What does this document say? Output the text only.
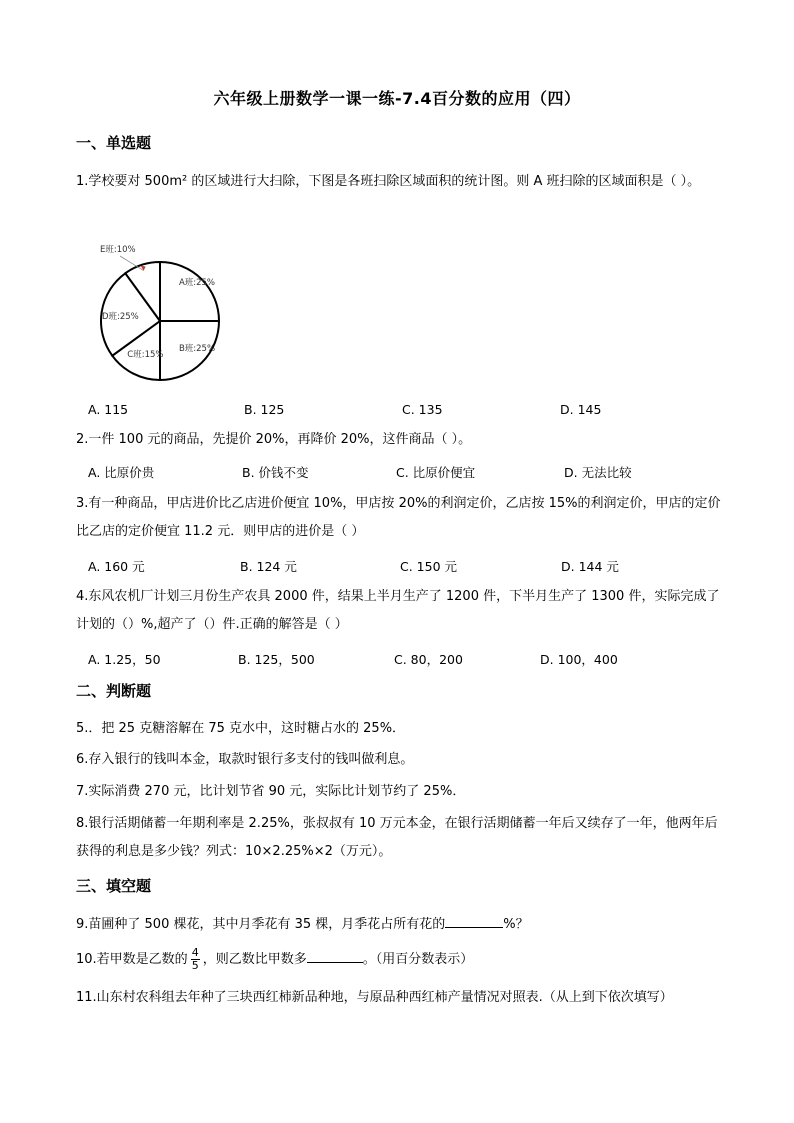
六年级上册数学一课一练-7.4百分数的应用（四）
一、单选题
1.学校要对 500m² 的区域进行大扫除，下图是各班扫除区域面积的统计图。则 A 班扫除的区域面积是（ ）。
A班:25%
B班:25%
C班:15%
D班:25%
E班:10%
A. 115	B. 125	C. 135	D. 145
2.一件 100 元的商品，先提价 20%，再降价 20%，这件商品（ ）。
A. 比原价贵	B. 价钱不变	C. 比原价便宜	D. 无法比较
3.有一种商品，甲店进价比乙店进价便宜 10%，甲店按 20%的利润定价，乙店按 15%的利润定价，甲店的定价比乙店的定价便宜 11.2 元．则甲店的进价是（ ）
A. 160 元	B. 124 元	C. 150 元	D. 144 元
4.东风农机厂计划三月份生产农具 2000 件，结果上半月生产了 1200 件，下半月生产了 1300 件，实际完成了计划的（）%,超产了（）件.正确的解答是（ ）
A. 1.25，50	B. 125，500	C. 80，200	D. 100，400
二、判断题
5.．把 25 克糖溶解在 75 克水中，这时糖占水的 25%．
6.存入银行的钱叫本金，取款时银行多支付的钱叫做利息。
7.实际消费 270 元，比计划节省 90 元，实际比计划节约了 25%．
8.银行活期储蓄一年期利率是 2.25%，张叔叔有 10 万元本金，在银行活期储蓄一年后又续存了一年，他两年后获得的利息是多少钱？列式：10×2.25%×2（万元）。
三、填空题
9.苗圃种了 500 棵花，其中月季花有 35 棵，月季花占所有花的	%？
10.若甲数是乙数的 $\frac{4}{5}$ ，则乙数比甲数多	。（用百分数表示）
11.山东村农科组去年种了三块西红柿新品种地，与原品种西红柿产量情况对照表.（从上到下依次填写）
